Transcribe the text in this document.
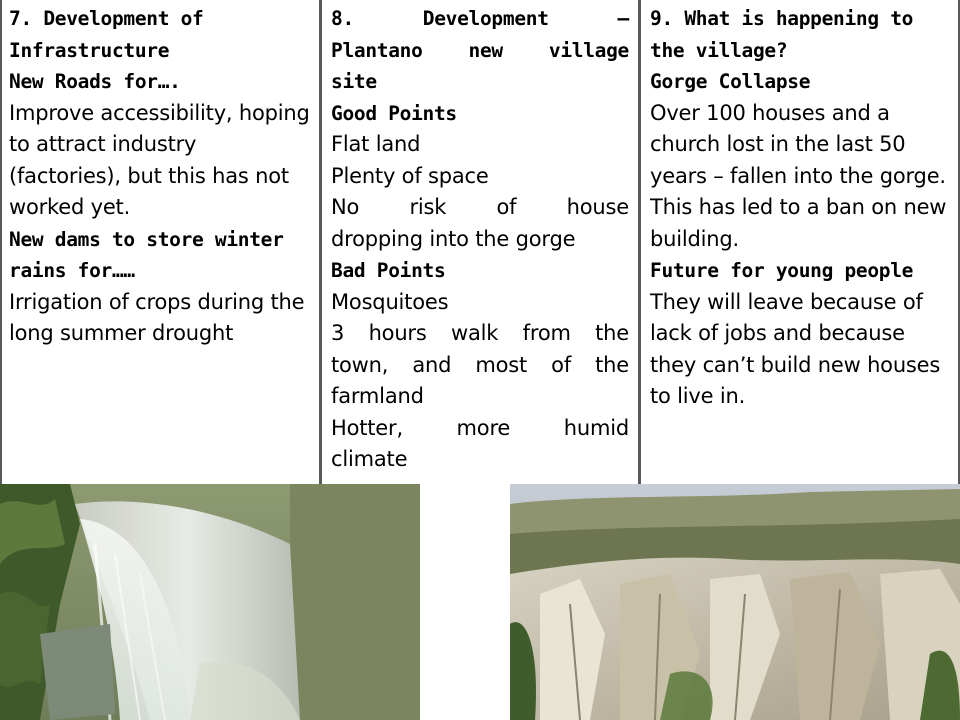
7. Development of Infrastructure

New Roads for….

Improve accessibility, hoping to attract industry (factories), but this has not worked yet.

New dams to store winter rains for……

Irrigation of crops during the long summer drought

8. Development –

Plantano new village

site

Good Points

Flat land

Plenty of space

No risk of house

dropping into the gorge

Bad Points

Mosquitoes

3 hours walk from the

town, and most of the

farmland

Hotter, more humid

climate

9. What is happening to the village?

Gorge Collapse

Over 100 houses and a church lost in the last 50 years – fallen into the gorge. This has led to a ban on new building.

Future for young people

They will leave because of lack of jobs and because they can’t build new houses to live in.
